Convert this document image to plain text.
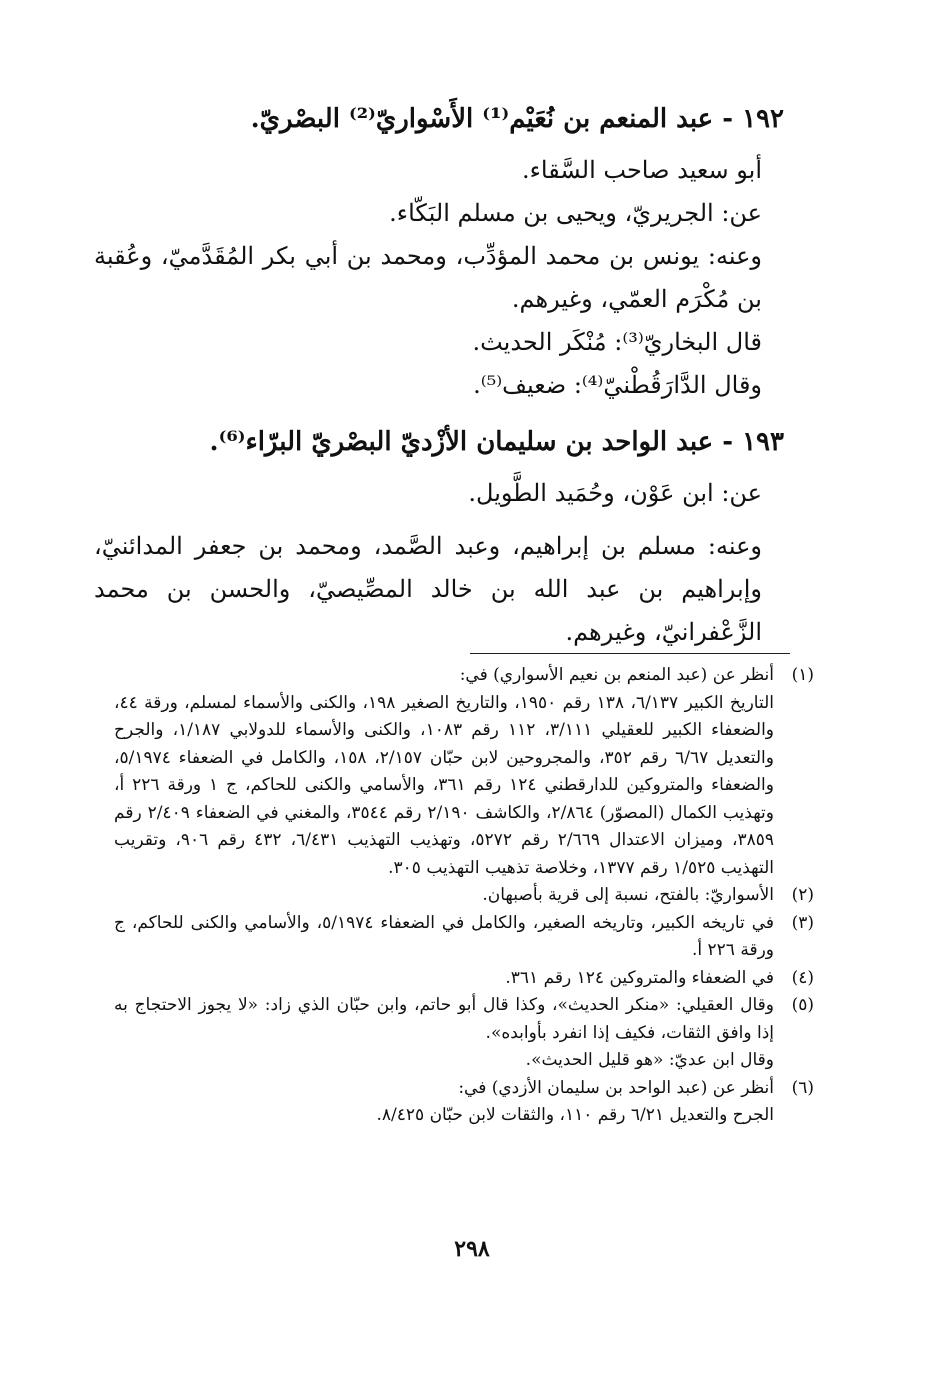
١٩٢ - عبد المنعم بن نُعَيْم⁽¹⁾ الأَسْواريّ⁽²⁾ البصْريّ.

أبو سعيد صاحب السَّقاء.

عن: الجريريّ، ويحيى بن مسلم البَكّاء.

وعنه: يونس بن محمد المؤدِّب، ومحمد بن أبي بكر المُقَدَّميّ، وعُقبة بن مُكْرَم العمّي، وغيرهم.

قال البخاريّ⁽³⁾: مُنْكَر الحديث.

وقال الدَّارَقُطْنيّ⁽⁴⁾: ضعيف⁽⁵⁾.

١٩٣ - عبد الواحد بن سليمان الأزْديّ البصْريّ البرّاء⁽⁶⁾.

عن: ابن عَوْن، وحُمَيد الطَّويل.

وعنه: مسلم بن إبراهيم، وعبد الصَّمد، ومحمد بن جعفر المدائنيّ، وإبراهيم بن عبد الله بن خالد المصِّيصيّ، والحسن بن محمد الزَّعْفرانيّ، وغيرهم.

(١)
أنظر عن (عبد المنعم بن نعيم الأسواري) في:

التاريخ الكبير ٦/١٣٧، ١٣٨ رقم ١٩٥٠، والتاريخ الصغير ١٩٨، والكنى والأسماء لمسلم، ورقة ٤٤، والضعفاء الكبير للعقيلي ٣/١١١، ١١٢ رقم ١٠٨٣، والكنى والأسماء للدولابي ١/١٨٧، والجرح والتعديل ٦/٦٧ رقم ٣٥٢، والمجروحين لابن حبّان ٢/١٥٧، ١٥٨، والكامل في الضعفاء ٥/١٩٧٤، والضعفاء والمتروكين للدارقطني ١٢٤ رقم ٣٦١، والأسامي والكنى للحاكم، ج ١ ورقة ٢٢٦ أ، وتهذيب الكمال (المصوّر) ٢/٨٦٤، والكاشف ٢/١٩٠ رقم ٣٥٤٤، والمغني في الضعفاء ٢/٤٠٩ رقم ٣٨٥٩، وميزان الاعتدال ٢/٦٦٩ رقم ٥٢٧٢، وتهذيب التهذيب ٦/٤٣١، ٤٣٢ رقم ٩٠٦، وتقريب التهذيب ١/٥٢٥ رقم ١٣٧٧، وخلاصة تذهيب التهذيب ٣٠٥.

(٢)
الأسواريّ: بالفتح، نسبة إلى قرية بأصبهان.
(٣)
في تاريخه الكبير، وتاريخه الصغير، والكامل في الضعفاء ٥/١٩٧٤، والأسامي والكنى للحاكم، ج ورقة ٢٢٦ أ.
(٤)
في الضعفاء والمتروكين ١٢٤ رقم ٣٦١.
(٥)
وقال العقيلي: «منكر الحديث»، وكذا قال أبو حاتم، وابن حبّان الذي زاد: «لا يجوز الاحتجاج به إذا وافق الثقات، فكيف إذا انفرد بأوابده».

وقال ابن عديّ: «هو قليل الحديث».

(٦)
أنظر عن (عبد الواحد بن سليمان الأزدي) في:

الجرح والتعديل ٦/٢١ رقم ١١٠، والثقات لابن حبّان ٨/٤٢٥.

٢٩٨
